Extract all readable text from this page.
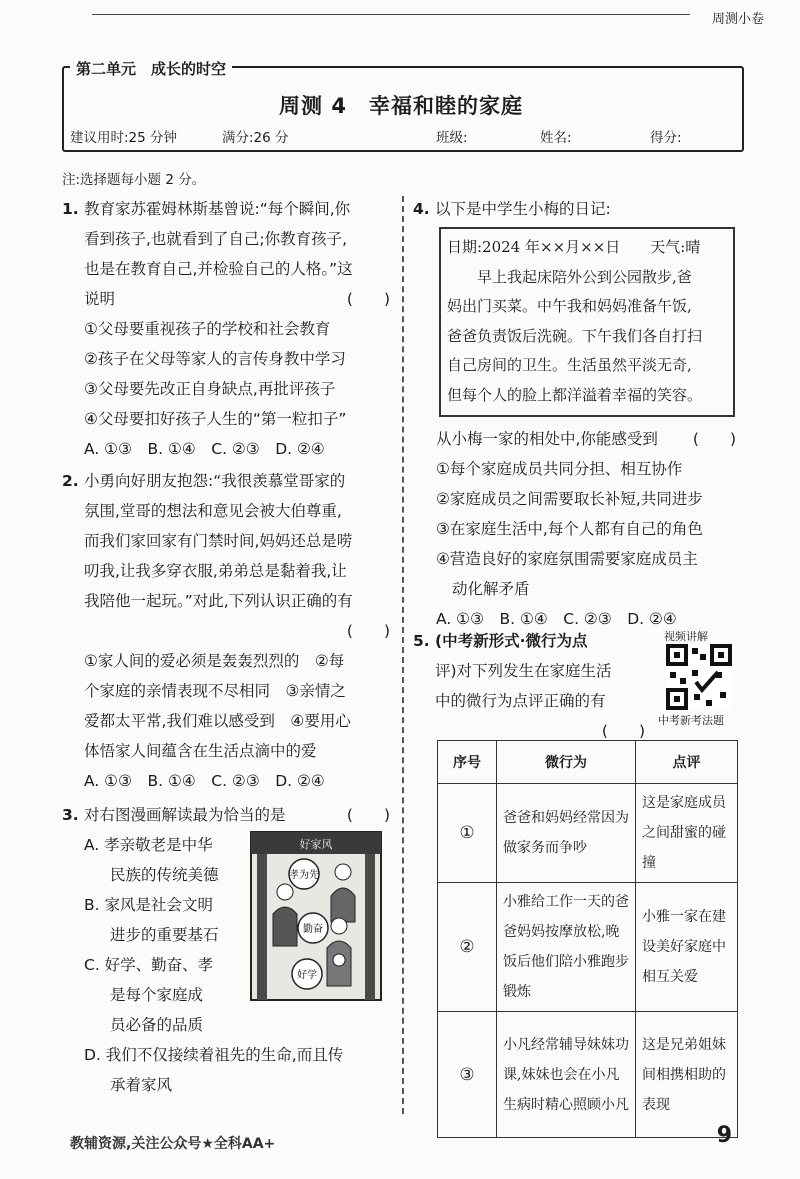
周测小卷
第二单元　成长的时空
周测 4　幸福和睦的家庭
建议用时:25 分钟	满分:26 分	班级:	姓名:	得分:
注:选择题每小题 2 分。

1. 教育家苏霍姆林斯基曾说:“每个瞬间,你

看到孩子,也就看到了自己;你教育孩子,

也是在教育自己,并检验自己的人格。”这

说明	(　　)

①父母要重视孩子的学校和社会教育

②孩子在父母等家人的言传身教中学习

③父母要先改正自身缺点,再批评孩子

④父母要扣好孩子人生的“第一粒扣子”

A. ①③　B. ①④　C. ②③　D. ②④

2. 小勇向好朋友抱怨:“我很羡慕堂哥家的

氛围,堂哥的想法和意见会被大伯尊重,

而我们家回家有门禁时间,妈妈还总是唠

叨我,让我多穿衣服,弟弟总是黏着我,让

我陪他一起玩。”对此,下列认识正确的有

(　　)

①家人间的爱必须是轰轰烈烈的　②每

个家庭的亲情表现不尽相同　③亲情之

爱都太平常,我们难以感受到　④要用心

体悟家人间蕴含在生活点滴中的爱

A. ①③　B. ①④　C. ②③　D. ②④

3. 对右图漫画解读最为恰当的是	(　　)

A. 孝亲敬老是中华

民族的传统美德

B. 家风是社会文明

进步的重要基石

C. 好学、勤奋、孝

是每个家庭成

员必备的品质

D. 我们不仅接续着祖先的生命,而且传

承着家风

好家风
孝为先
勤奋
好学

4. 以下是中学生小梅的日记:

日期:2024 年××月××日　　天气:晴

　　早上我起床陪外公到公园散步,爸

妈出门买菜。中午我和妈妈准备午饭,

爸爸负责饭后洗碗。下午我们各自打扫

自己房间的卫生。生活虽然平淡无奇,

但每个人的脸上都洋溢着幸福的笑容。

从小梅一家的相处中,你能感受到 (　　)

①每个家庭成员共同分担、相互协作

②家庭成员之间需要取长补短,共同进步

③在家庭生活中,每个人都有自己的角色

④营造良好的家庭氛围需要家庭成员主

动化解矛盾

A. ①③　B. ①④　C. ②③　D. ②④

5. (中考新形式·微行为点

评)对下列发生在家庭生活

中的微行为点评正确的有

(　　)

视频讲解
中考新考法题
序号	微行为	点评
①	爸爸和妈妈经常因为做家务而争吵	这是家庭成员之间甜蜜的碰撞
②	小雅给工作一天的爸爸妈妈按摩放松,晚饭后他们陪小雅跑步锻炼	小雅一家在建设美好家庭中相互关爱
③	小凡经常辅导妹妹功课,妹妹也会在小凡生病时精心照顾小凡	这是兄弟姐妹间相携相助的表现
教辅资源,关注公众号★全科AA+	9
